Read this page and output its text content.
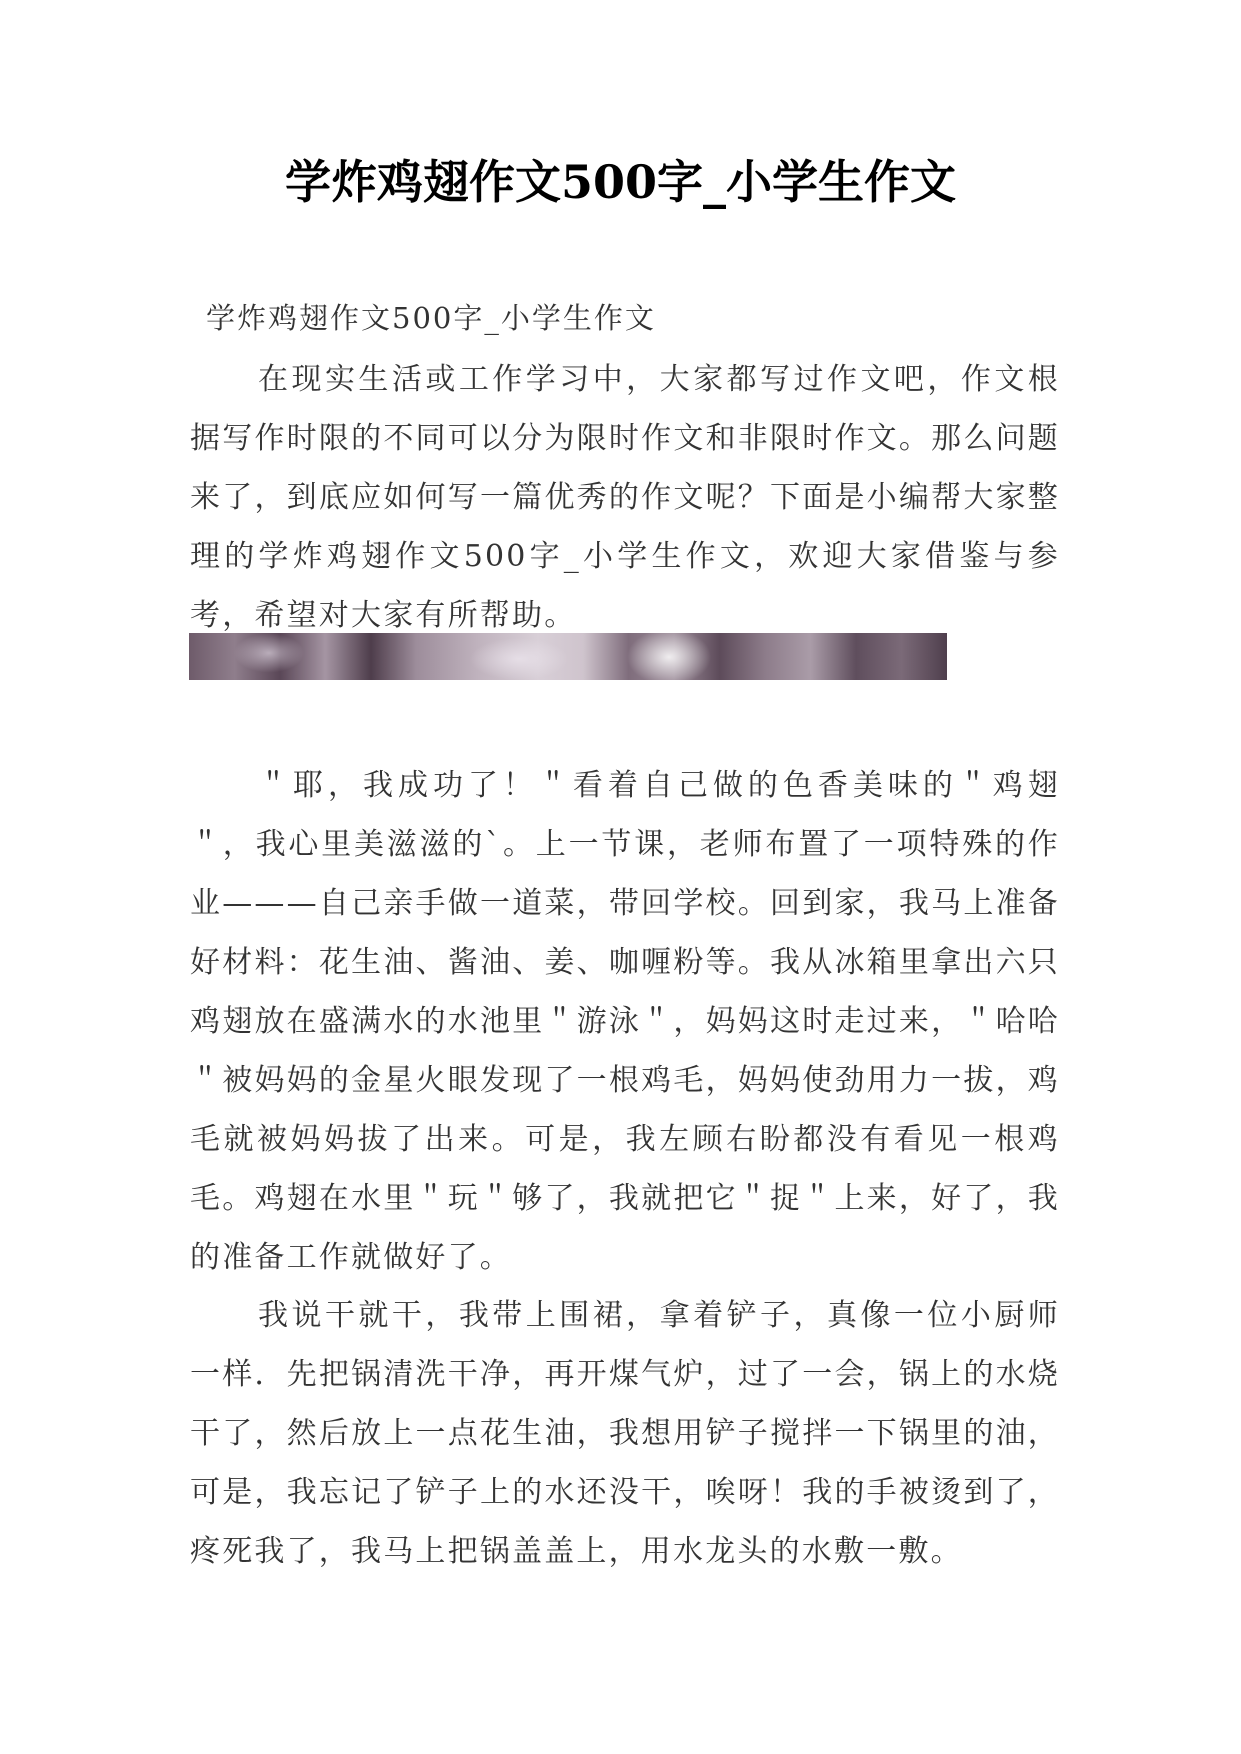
学炸鸡翅作文500字_小学生作文

学炸鸡翅作文500字_小学生作文

在现实生活或工作学习中，大家都写过作文吧，作文根据写作时限的不同可以分为限时作文和非限时作文。那么问题来了，到底应如何写一篇优秀的作文呢？下面是小编帮大家整理的学炸鸡翅作文500字_小学生作文，欢迎大家借鉴与参考，希望对大家有所帮助。

＂耶，我成功了！＂看着自己做的色香美味的＂鸡翅＂，我心里美滋滋的`。上一节课，老师布置了一项特殊的作业———自己亲手做一道菜，带回学校。回到家，我马上准备好材料：花生油、酱油、姜、咖喱粉等。我从冰箱里拿出六只鸡翅放在盛满水的水池里＂游泳＂，妈妈这时走过来，＂哈哈＂被妈妈的金星火眼发现了一根鸡毛，妈妈使劲用力一拔，鸡毛就被妈妈拔了出来。可是，我左顾右盼都没有看见一根鸡毛。鸡翅在水里＂玩＂够了，我就把它＂捉＂上来，好了，我的准备工作就做好了。

我说干就干，我带上围裙，拿着铲子，真像一位小厨师一样．先把锅清洗干净，再开煤气炉，过了一会，锅上的水烧干了，然后放上一点花生油，我想用铲子搅拌一下锅里的油，可是，我忘记了铲子上的水还没干，唉呀！我的手被烫到了，疼死我了，我马上把锅盖盖上，用水龙头的水敷一敷。
